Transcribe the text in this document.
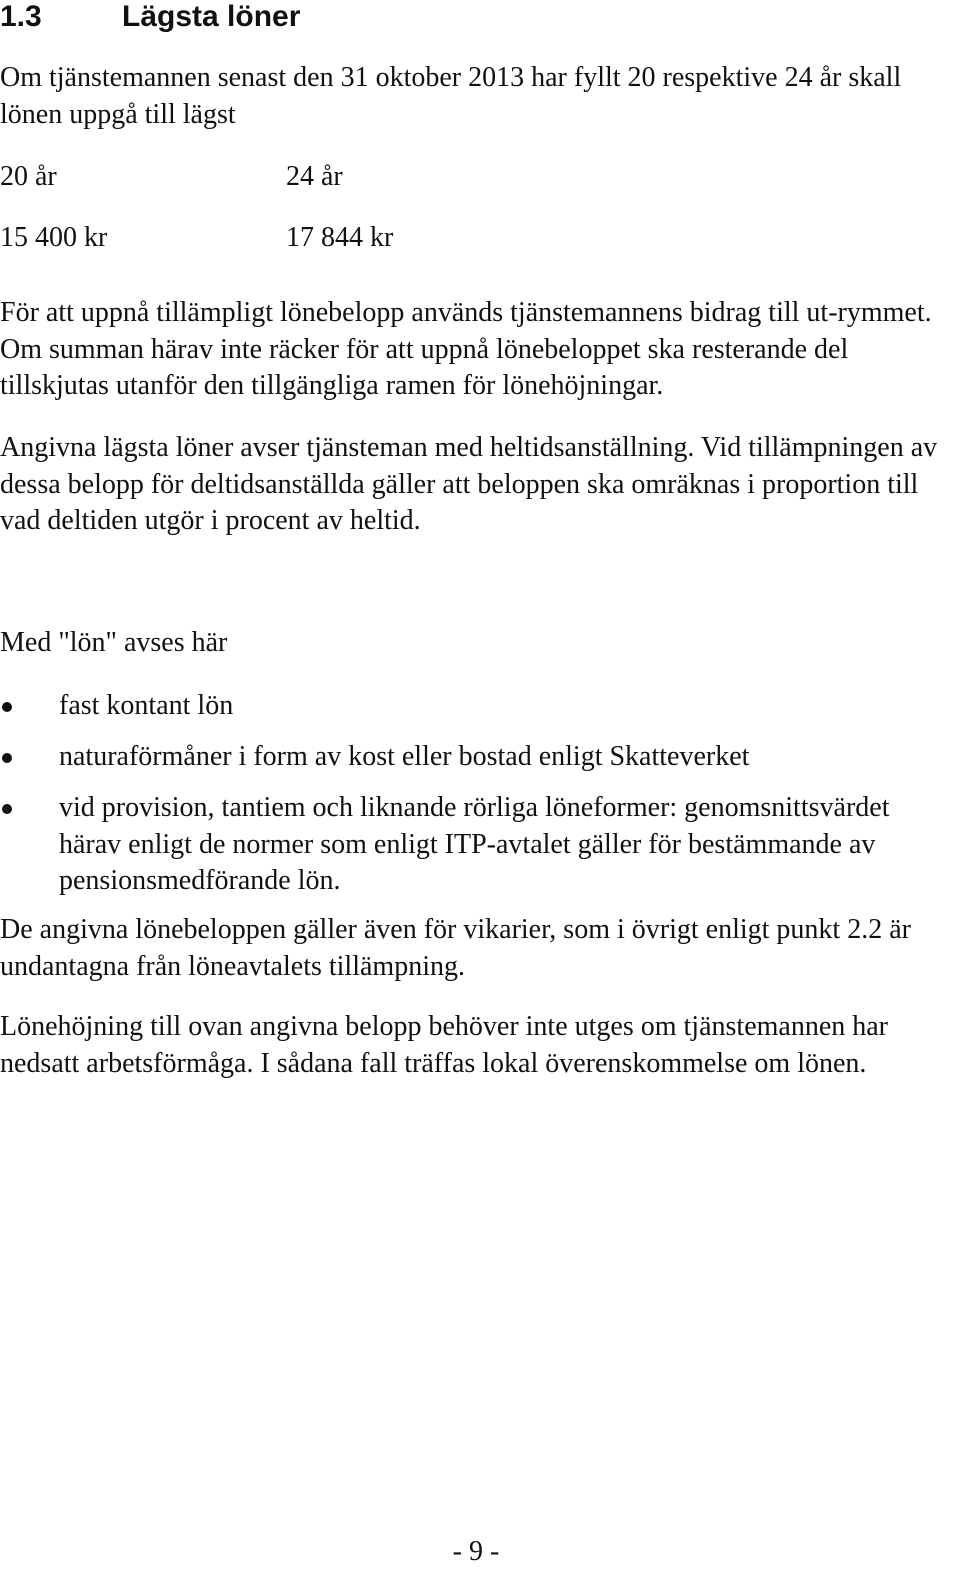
1.3	Lägsta löner

Om tjänstemannen senast den 31 oktober 2013 har fyllt 20 respektive 24 år skall lönen uppgå till lägst

20 år	24 år
15 400 kr	17 844 kr

För att uppnå tillämpligt lönebelopp används tjänstemannens bidrag till ut-rymmet. Om summan härav inte räcker för att uppnå lönebeloppet ska resterande del tillskjutas utanför den tillgängliga ramen för lönehöjningar.

Angivna lägsta löner avser tjänsteman med heltidsanställning. Vid tillämpningen av dessa belopp för deltidsanställda gäller att beloppen ska omräknas i proportion till vad deltiden utgör i procent av heltid.

Med "lön" avses här

fast kontant lön
naturaförmåner i form av kost eller bostad enligt Skatteverket
vid provision, tantiem och liknande rörliga löneformer: genomsnittsvärdet härav enligt de normer som enligt ITP-avtalet gäller för bestämmande av pensionsmedförande lön.

De angivna lönebeloppen gäller även för vikarier, som i övrigt enligt punkt 2.2 är undantagna från löneavtalets tillämpning.

Lönehöjning till ovan angivna belopp behöver inte utges om tjänstemannen har nedsatt arbetsförmåga. I sådana fall träffas lokal överenskommelse om lönen.

- 9 -
